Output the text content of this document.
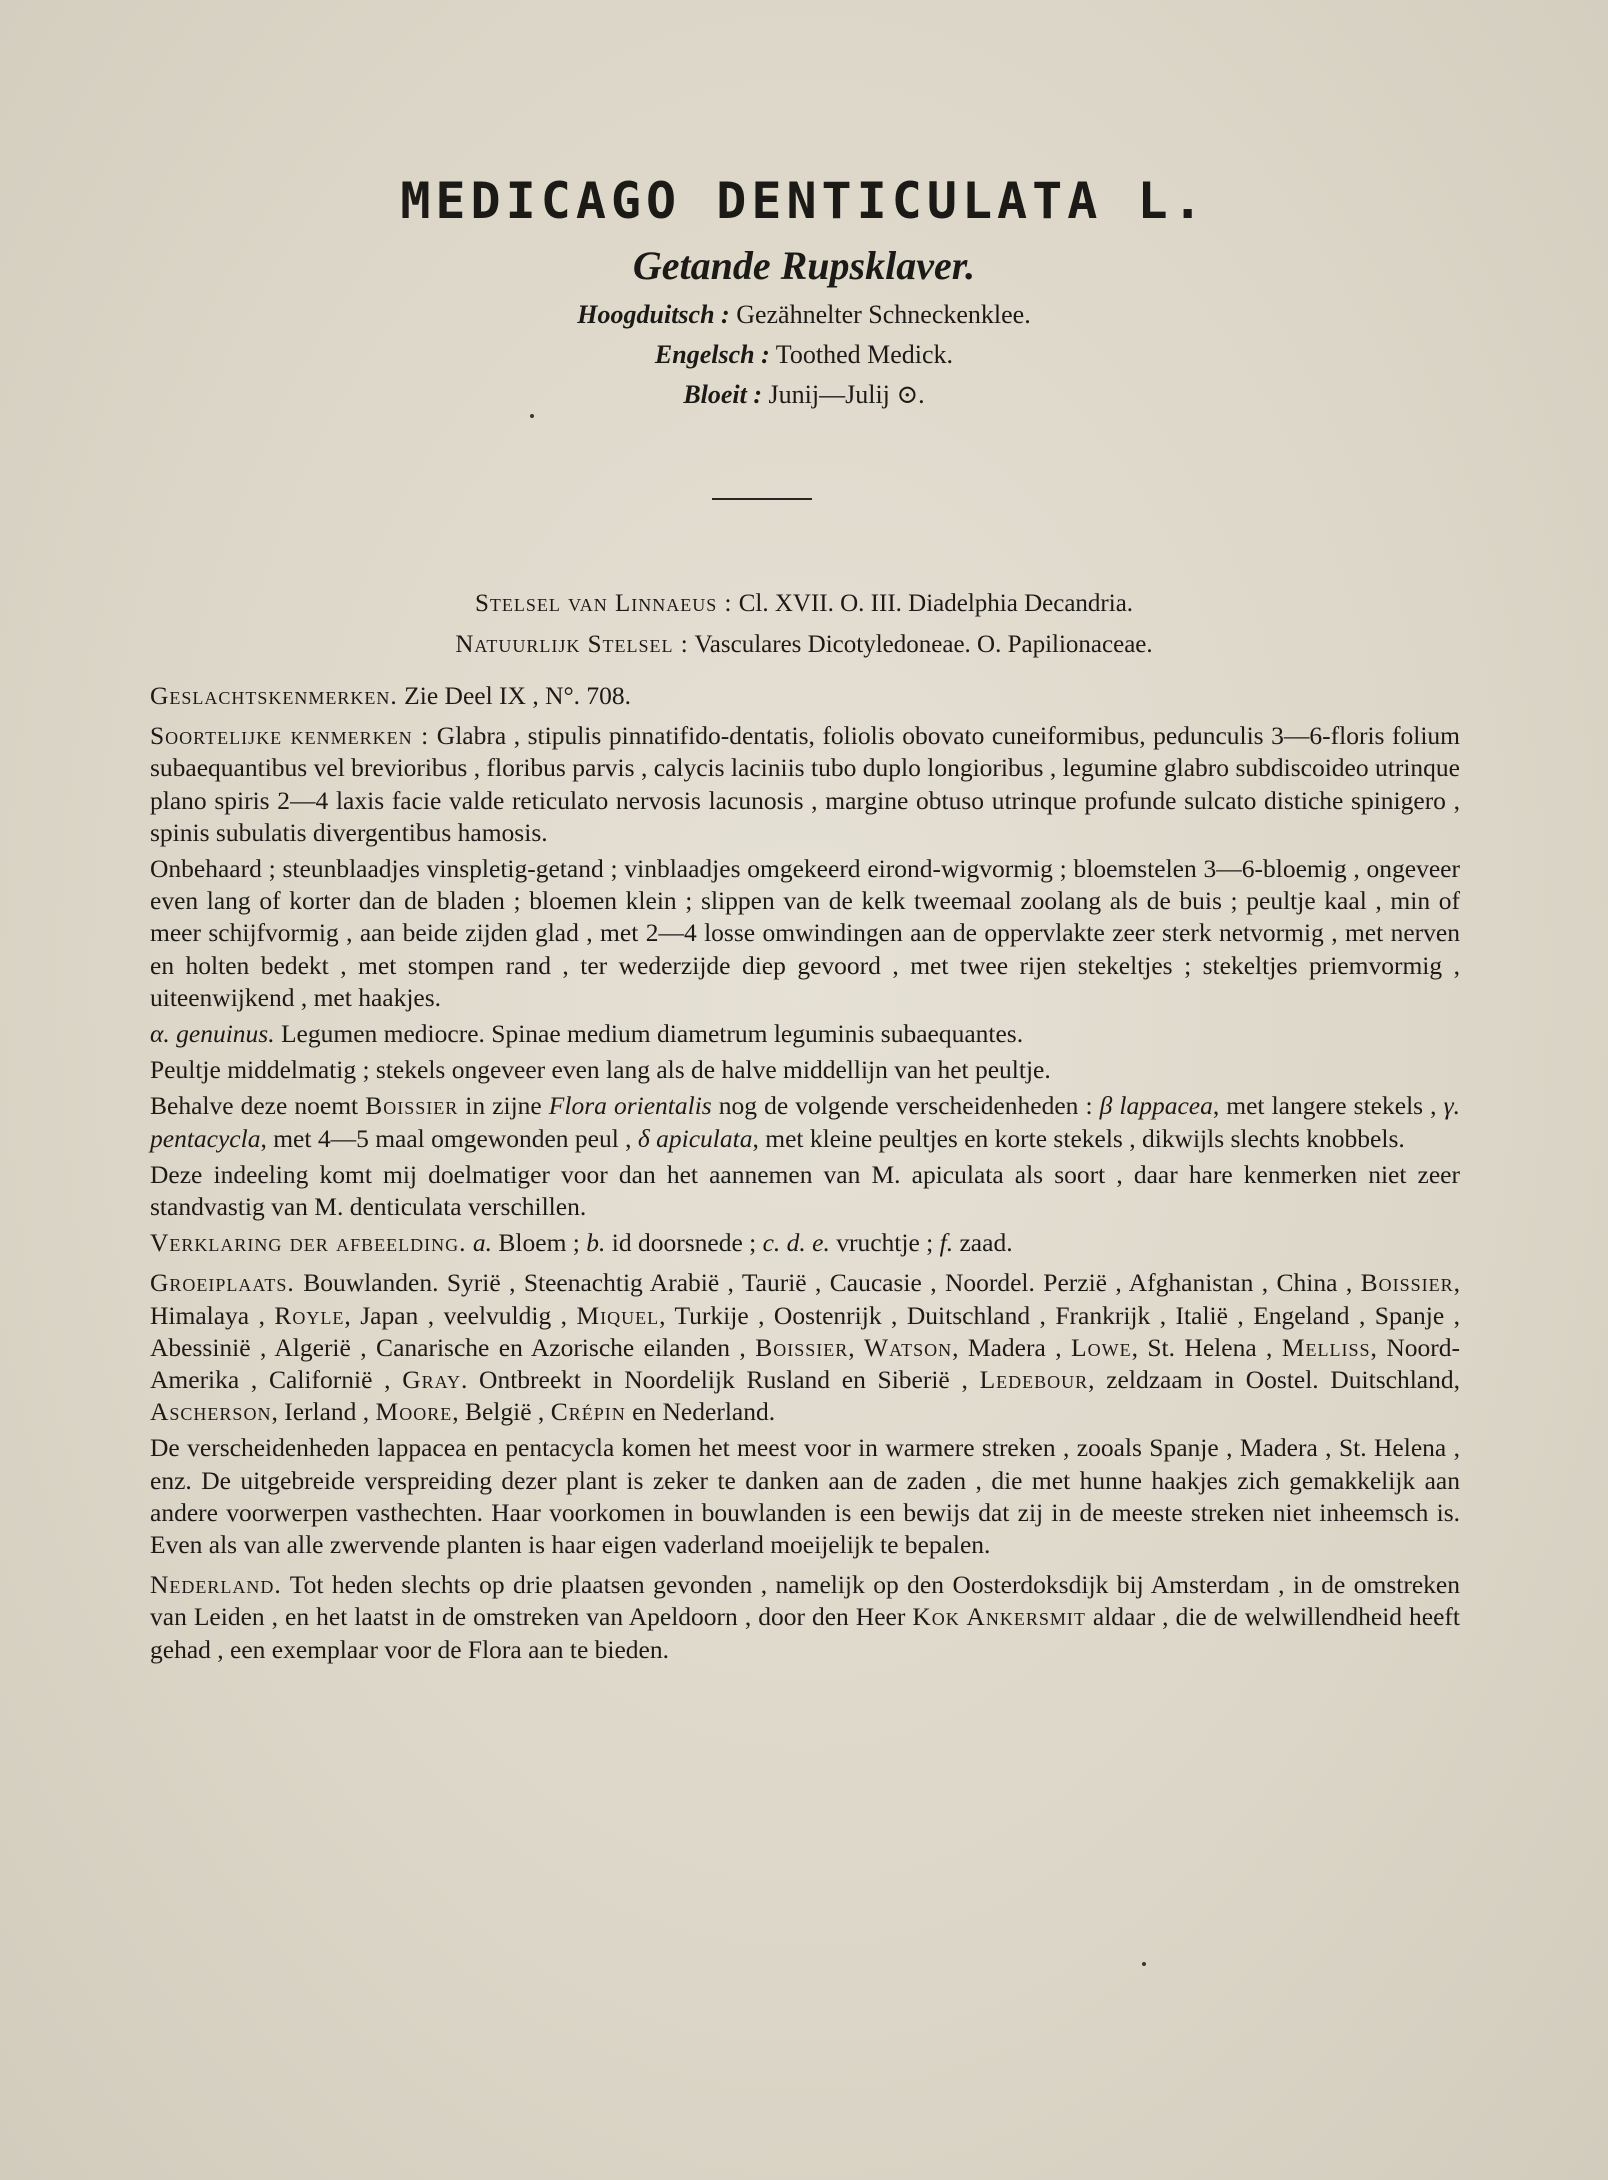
MEDICAGO DENTICULATA L.
Getande Rupsklaver.
Hoogduitsch : Gezähnelter Schneckenklee.
Engelsch : Toothed Medick.
Bloeit : Junij—Julij ⊙.
Stelsel van Linnaeus : Cl. XVII. O. III. Diadelphia Decandria.
Natuurlijk Stelsel : Vasculares Dicotyledoneae. O. Papilionaceae.

Geslachtskenmerken. Zie Deel IX , N°. 708.

Soortelijke kenmerken : Glabra , stipulis pinnatifido-dentatis, foliolis obovato cuneiformibus, pedunculis 3—6-floris folium subaequantibus vel brevioribus , floribus parvis , calycis laciniis tubo duplo longioribus , legumine glabro subdiscoideo utrinque plano spiris 2—4 laxis facie valde reticulato nervosis lacunosis , margine obtuso utrinque profunde sulcato distiche spinigero , spinis subulatis divergentibus hamosis.

Onbehaard ; steunblaadjes vinspletig-getand ; vinblaadjes omgekeerd eirond-wigvormig ; bloemstelen 3—6-bloemig , ongeveer even lang of korter dan de bladen ; bloemen klein ; slippen van de kelk tweemaal zoolang als de buis ; peultje kaal , min of meer schijfvormig , aan beide zijden glad , met 2—4 losse omwindingen aan de oppervlakte zeer sterk netvormig , met nerven en holten bedekt , met stompen rand , ter wederzijde diep gevoord , met twee rijen stekeltjes ; stekeltjes priemvormig , uiteenwijkend , met haakjes.

α. genuinus. Legumen mediocre. Spinae medium diametrum leguminis subaequantes.

Peultje middelmatig ; stekels ongeveer even lang als de halve middellijn van het peultje.

Behalve deze noemt Boissier in zijne Flora orientalis nog de volgende verscheidenheden : β lappacea, met langere stekels , γ. pentacycla, met 4—5 maal omgewonden peul , δ apiculata, met kleine peultjes en korte stekels , dikwijls slechts knobbels.

Deze indeeling komt mij doelmatiger voor dan het aannemen van M. apiculata als soort , daar hare kenmerken niet zeer standvastig van M. denticulata verschillen.

Verklaring der afbeelding. a. Bloem ; b. id doorsnede ; c. d. e. vruchtje ; f. zaad.

Groeiplaats. Bouwlanden. Syrië , Steenachtig Arabië , Taurië , Caucasie , Noordel. Perzië , Afghanistan , China , Boissier, Himalaya , Royle, Japan , veelvuldig , Miquel, Turkije , Oostenrijk , Duitschland , Frankrijk , Italië , Engeland , Spanje , Abessinië , Algerië , Canarische en Azorische eilanden , Boissier, Watson, Madera , Lowe, St. Helena , Melliss, Noord-Amerika , Californië , Gray. Ontbreekt in Noordelijk Rusland en Siberië , Ledebour, zeldzaam in Oostel. Duitschland, Ascherson, Ierland , Moore, België , Crépin en Nederland.

De verscheidenheden lappacea en pentacycla komen het meest voor in warmere streken , zooals Spanje , Madera , St. Helena , enz. De uitgebreide verspreiding dezer plant is zeker te danken aan de zaden , die met hunne haakjes zich gemakkelijk aan andere voorwerpen vasthechten. Haar voorkomen in bouwlanden is een bewijs dat zij in de meeste streken niet inheemsch is. Even als van alle zwervende planten is haar eigen vaderland moeijelijk te bepalen.

Nederland. Tot heden slechts op drie plaatsen gevonden , namelijk op den Oosterdoksdijk bij Amsterdam , in de omstreken van Leiden , en het laatst in de omstreken van Apeldoorn , door den Heer Kok Ankersmit aldaar , die de welwillendheid heeft gehad , een exemplaar voor de Flora aan te bieden.
